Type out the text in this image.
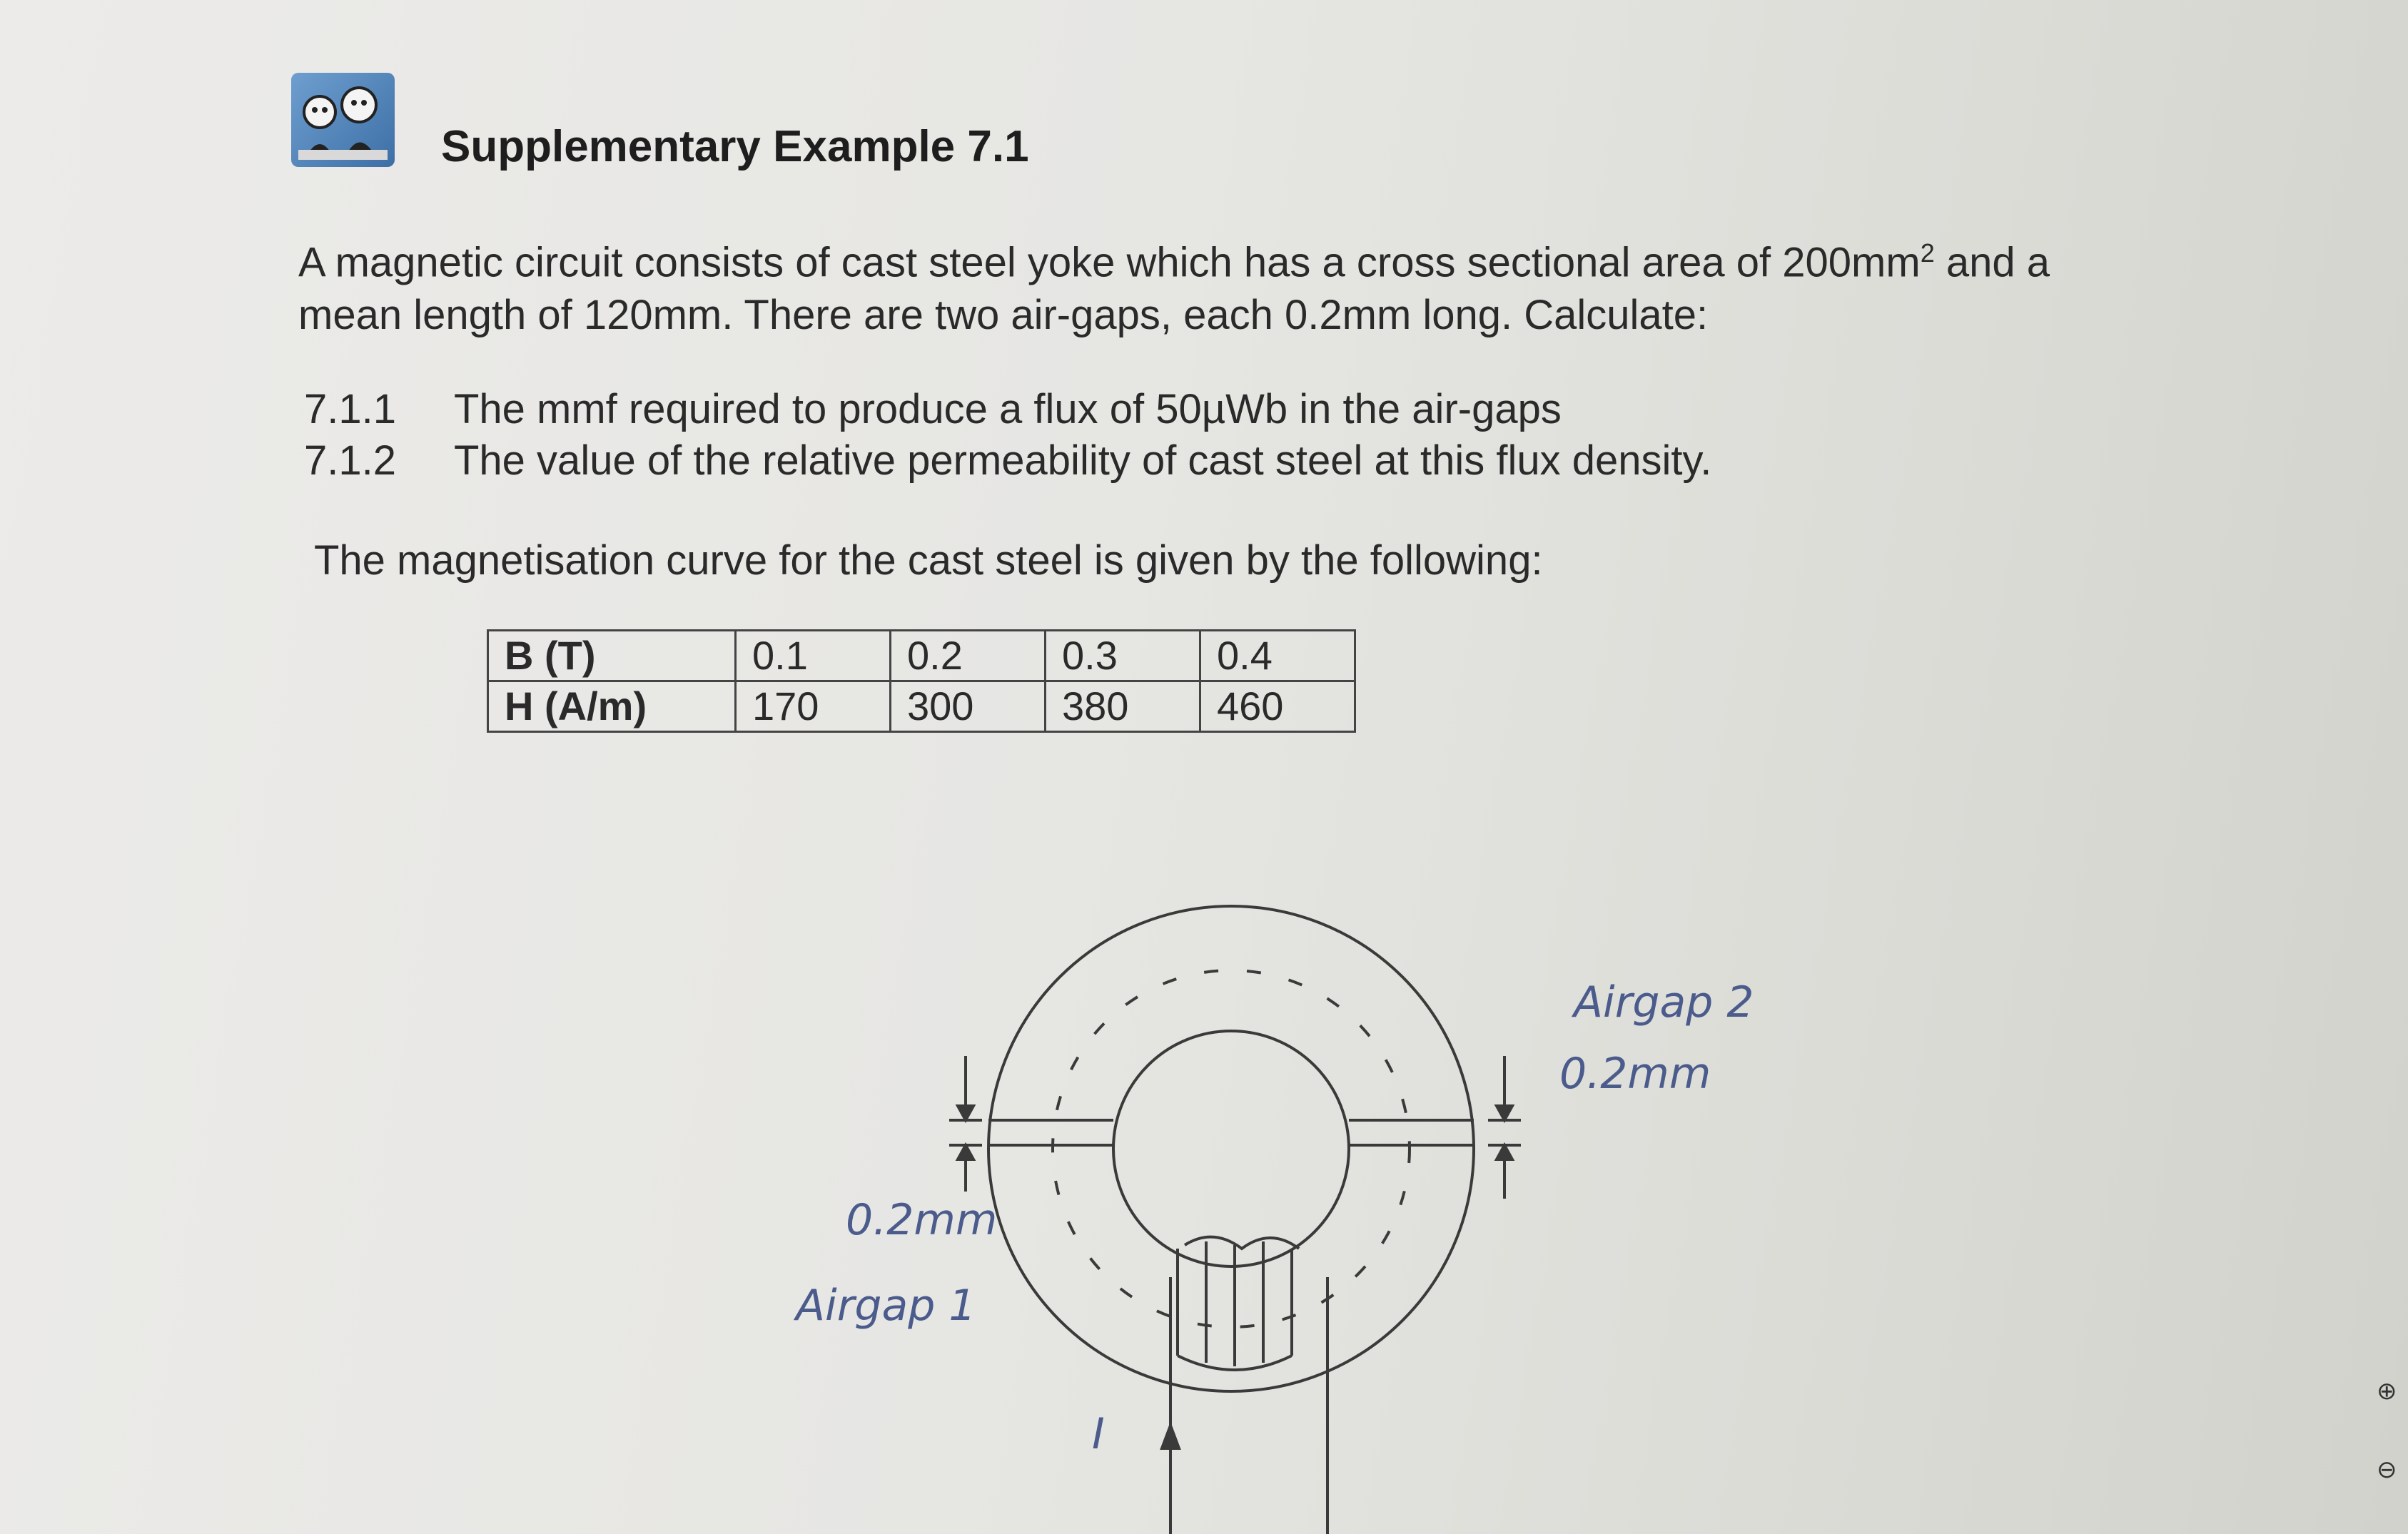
Supplementary Example 7.1
A magnetic circuit consists of cast steel yoke which has a cross sectional area of $200mm^2$ and a
mean length of 120mm. There are two air-gaps, each 0.2mm long. Calculate:
7.1.1 The mmf required to produce a flux of 50µWb in the air-gaps
7.1.2 The value of the relative permeability of cast steel at this flux density.
The magnetisation curve for the cast steel is given by the following:
B (T)	0.1	0.2	0.3	0.4
H (A/m)	170	300	380	460
0.2mm
Airgap 1
Airgap 2
0.2mm
I
⊕
⊖
